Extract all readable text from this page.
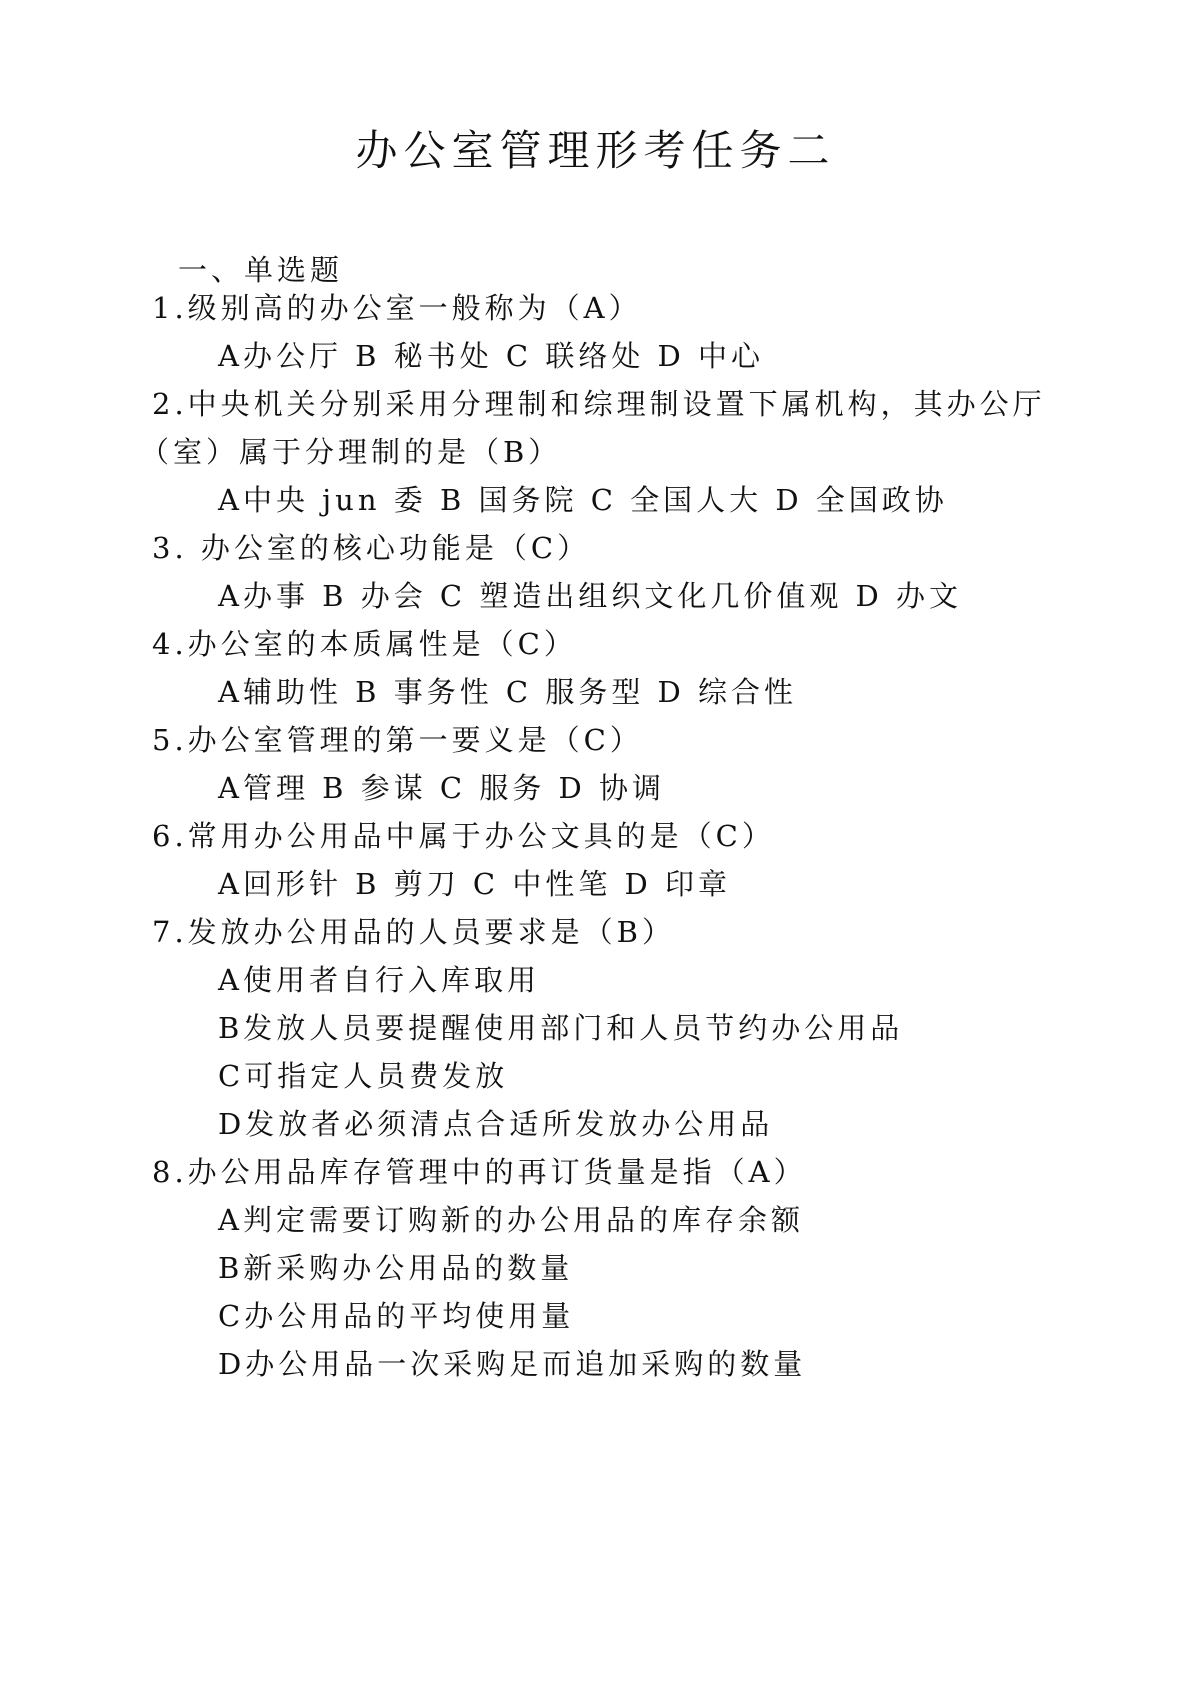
办公室管理形考任务二
一、单选题
1.级别高的办公室一般称为（A）
A办公厅 B 秘书处 C 联络处 D 中心
2.中央机关分别采用分理制和综理制设置下属机构，其办公厅
（室）属于分理制的是（B）
A中央 jun 委 B 国务院 C 全国人大 D 全国政协
3. 办公室的核心功能是（C）
A办事 B 办会 C 塑造出组织文化几价值观 D 办文
4.办公室的本质属性是（C）
A辅助性 B 事务性 C 服务型 D 综合性
5.办公室管理的第一要义是（C）
A管理 B 参谋 C 服务 D 协调
6.常用办公用品中属于办公文具的是（C）
A回形针 B 剪刀 C 中性笔 D 印章
7.发放办公用品的人员要求是（B）
A使用者自行入库取用
B发放人员要提醒使用部门和人员节约办公用品
C可指定人员费发放
D发放者必须清点合适所发放办公用品
8.办公用品库存管理中的再订货量是指（A）
A判定需要订购新的办公用品的库存余额
B新采购办公用品的数量
C办公用品的平均使用量
D办公用品一次采购足而追加采购的数量
